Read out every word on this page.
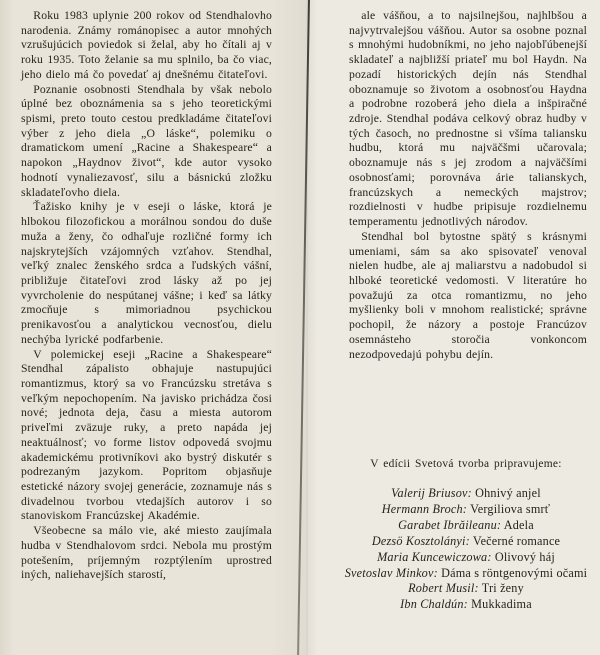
Roku 1983 uplynie 200 rokov od Stendhalovho narodenia. Známy románopisec a autor mnohých vzrušujúcich poviedok si želal, aby ho čítali aj v roku 1935. Toto želanie sa mu splnilo, ba čo viac, jeho dielo má čo povedať aj dnešnému čitateľovi.

Poznanie osobnosti Stendhala by však nebolo úplné bez oboznámenia sa s jeho teoretickými spismi, preto touto cestou predkladáme čitateľovi výber z jeho diela „O láske“, polemiku o dramatickom umení „Racine a Shakespeare“ a napokon „Haydnov život“, kde autor vysoko hodnotí vynaliezavosť, silu a básnickú zložku skladateľovho diela.

Ťažisko knihy je v eseji o láske, ktorá je hlbokou filozofickou a morálnou sondou do duše muža a ženy, čo odhaľuje rozličné formy ich najskrytejších vzájomných vzťahov. Stendhal, veľký znalec ženského srdca a ľudských vášní, približuje čitateľovi zrod lásky až po jej vyvrcholenie do nespútanej vášne; i keď sa látky zmocňuje s mimoriadnou psychickou prenikavosťou a analytickou vecnosťou, dielu nechýba lyrické podfarbenie.

V polemickej eseji „Racine a Shakespeare“ Stendhal zápalisto obhajuje nastupujúci romantizmus, ktorý sa vo Francúzsku stretáva s veľkým nepochopením. Na javisko prichádza čosi nové; jednota deja, času a miesta autorom priveľmi zväzuje ruky, a preto napáda jej neaktuálnosť; vo forme listov odpovedá svojmu akademickému protivníkovi ako bystrý diskutér s podrezaným jazykom. Popritom objasňuje estetické názory svojej generácie, zoznamuje nás s divadelnou tvorbou vtedajších autorov i so stanoviskom Francúzskej Akadémie.

Všeobecne sa málo vie, aké miesto zaujímala hudba v Stendhalovom srdci. Nebola mu prostým potešením, príjemným rozptýlením uprostred iných, naliehavejších starostí,

ale vášňou, a to najsilnejšou, najhlbšou a najvytrvalejšou vášňou. Autor sa osobne poznal s mnohými hudobníkmi, no jeho najobľúbenejší skladateľ a najbližší priateľ mu bol Haydn. Na pozadí historických dejín nás Stendhal oboznamuje so životom a osobnosťou Haydna a podrobne rozoberá jeho diela a inšpiračné zdroje. Stendhal podáva celkový obraz hudby v tých časoch, no prednostne si všíma taliansku hudbu, ktorá mu najväčšmi učarovala; oboznamuje nás s jej zrodom a najväčšími osobnosťami; porovnáva árie talianskych, francúzskych a nemeckých majstrov; rozdielnosti v hudbe pripisuje rozdielnemu temperamentu jednotlivých národov.

Stendhal bol bytostne spätý s krásnymi umeniami, sám sa ako spisovateľ venoval nielen hudbe, ale aj maliarstvu a nadobudol si hlboké teoretické vedomosti. V literatúre ho považujú za otca romantizmu, no jeho myšlienky boli v mnohom realistické; správne pochopil, že názory a postoje Francúzov osemnásteho storočia vonkoncom nezodpovedajú pohybu dejín.

V edícii Svetová tvorba pripravujeme:

Valerij Briusov: Ohnivý anjel
Hermann Broch: Vergiliova smrť
Garabet Ibrăileanu: Adela
Dezsö Kosztolányi: Večerné romance
Maria Kuncewiczowa: Olivový háj
Svetoslav Minkov: Dáma s röntgenovými očami
Robert Musil: Tri ženy
Ibn Chaldún: Mukkadima
